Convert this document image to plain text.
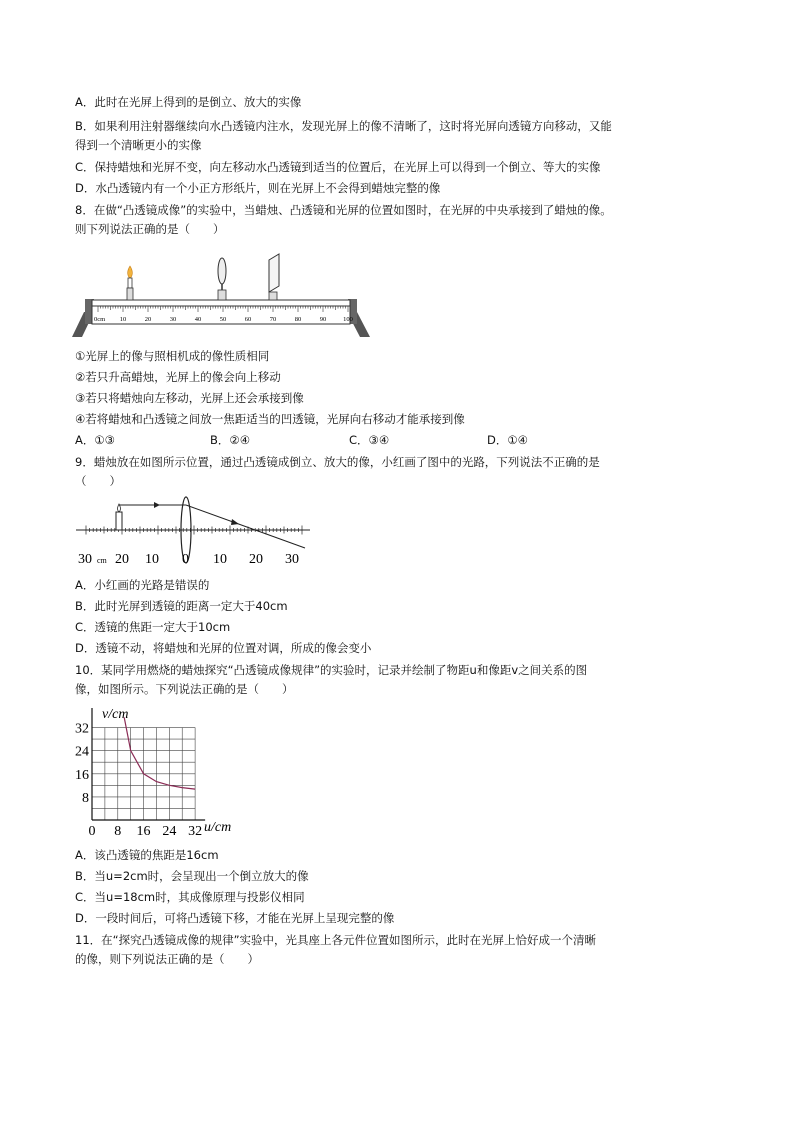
A．此时在光屏上得到的是倒立、放大的实像
B．如果利用注射器继续向水凸透镜内注水，发现光屏上的像不清晰了，这时将光屏向透镜方向移动，又能
得到一个清晰更小的实像
C．保持蜡烛和光屏不变，向左移动水凸透镜到适当的位置后，在光屏上可以得到一个倒立、等大的实像
D．水凸透镜内有一个小正方形纸片，则在光屏上不会得到蜡烛完整的像
8．在做“凸透镜成像”的实验中，当蜡烛、凸透镜和光屏的位置如图时，在光屏的中央承接到了蜡烛的像。
则下列说法正确的是（　　）
0cm 10	20	30	40	50	60	70	80	90	100
①光屏上的像与照相机成的像性质相同
②若只升高蜡烛，光屏上的像会向上移动
③若只将蜡烛向左移动，光屏上还会承接到像
④若将蜡烛和凸透镜之间放一焦距适当的凹透镜，光屏向右移动才能承接到像
A．①③	B．②④	C．③④	D．①④
9．蜡烛放在如图所示位置，通过凸透镜成倒立、放大的像，小红画了图中的光路，下列说法不正确的是
（　　）
30 cm 20 10 0 10 20 30
A．小红画的光路是错误的
B．此时光屏到透镜的距离一定大于40cm
C．透镜的焦距一定大于10cm
D．透镜不动，将蜡烛和光屏的位置对调，所成的像会变小
10．某同学用燃烧的蜡烛探究“凸透镜成像规律”的实验时，记录并绘制了物距u和像距v之间关系的图
像，如图所示。下列说法正确的是（　　）
8
16
24
32
0 8 16 24 32
v/cm
u/cm
A．该凸透镜的焦距是16cm
B．当u=2cm时，会呈现出一个倒立放大的像
C．当u=18cm时，其成像原理与投影仪相同
D．一段时间后，可将凸透镜下移，才能在光屏上呈现完整的像
11．在“探究凸透镜成像的规律”实验中，光具座上各元件位置如图所示，此时在光屏上恰好成一个清晰
的像，则下列说法正确的是（　　）
